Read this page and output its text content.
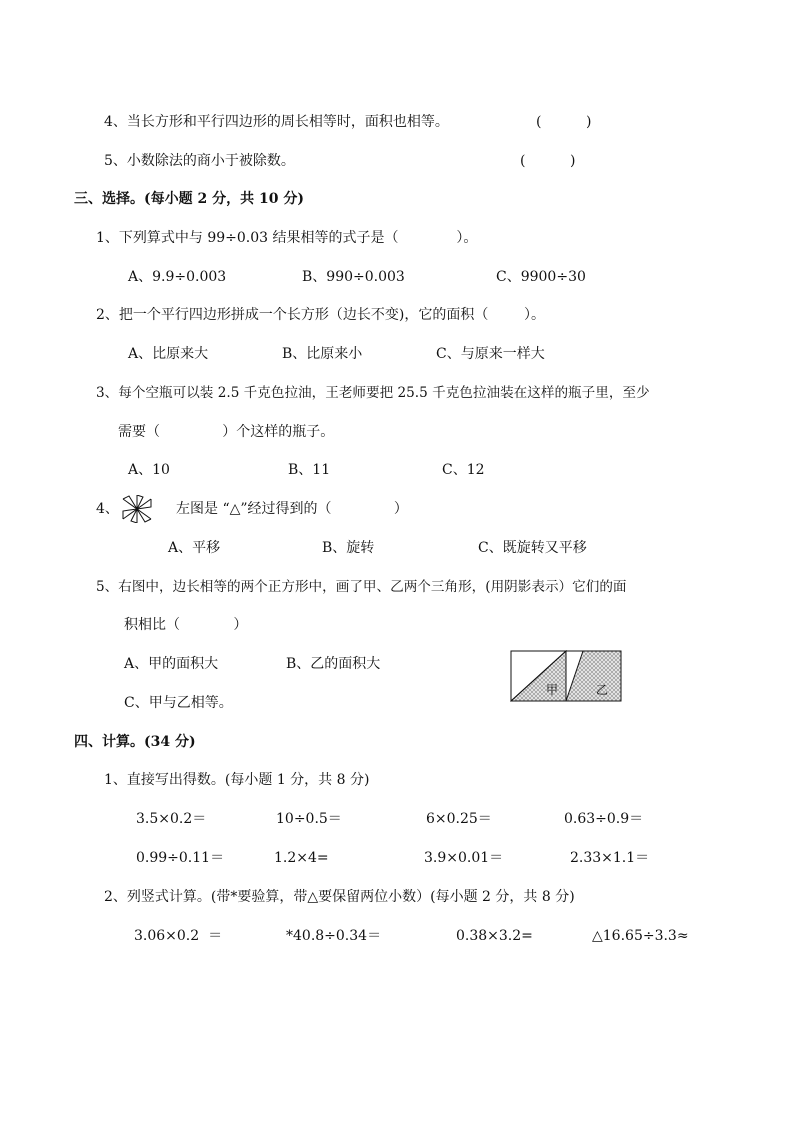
4、当长方形和平行四边形的周长相等时，面积也相等。	(          )
5、小数除法的商小于被除数。	(          )
三、选择。(每小题 2 分，共 10 分)
1、下列算式中与 99÷0.03 结果相等的式子是（             ）。
A、9.9÷0.003	B、990÷0.003	C、9900÷30
2、把一个平行四边形拼成一个长方形（边长不变)，它的面积（        ）。
A、比原来大	B、比原来小	C、与原来一样大
3、每个空瓶可以装 2.5 千克色拉油，王老师要把 25.5 千克色拉油装在这样的瓶子里，至少
需要（              ）个这样的瓶子。
A、10	B、11	C、12
4、	左图是 “△”经过得到的（              ）
A、平移	B、旋转	C、既旋转又平移
5、右图中，边长相等的两个正方形中，画了甲、乙两个三角形，(用阴影表示）它们的面
积相比（            ）
A、甲的面积大	B、乙的面积大
C、甲与乙相等。
甲	乙
四、计算。(34 分)
1、直接写出得数。(每小题 1 分，共 8 分)
3.5×0.2＝	10÷0.5＝	6×0.25＝	0.63÷0.9＝
0.99÷0.11＝	1.2×4=	3.9×0.01＝	2.33×1.1＝
2、列竖式计算。(带*要验算，带△要保留两位小数）(每小题 2 分，共 8 分)
3.06×0.2  ＝	*40.8÷0.34＝	0.38×3.2=	△16.65÷3.3≈
